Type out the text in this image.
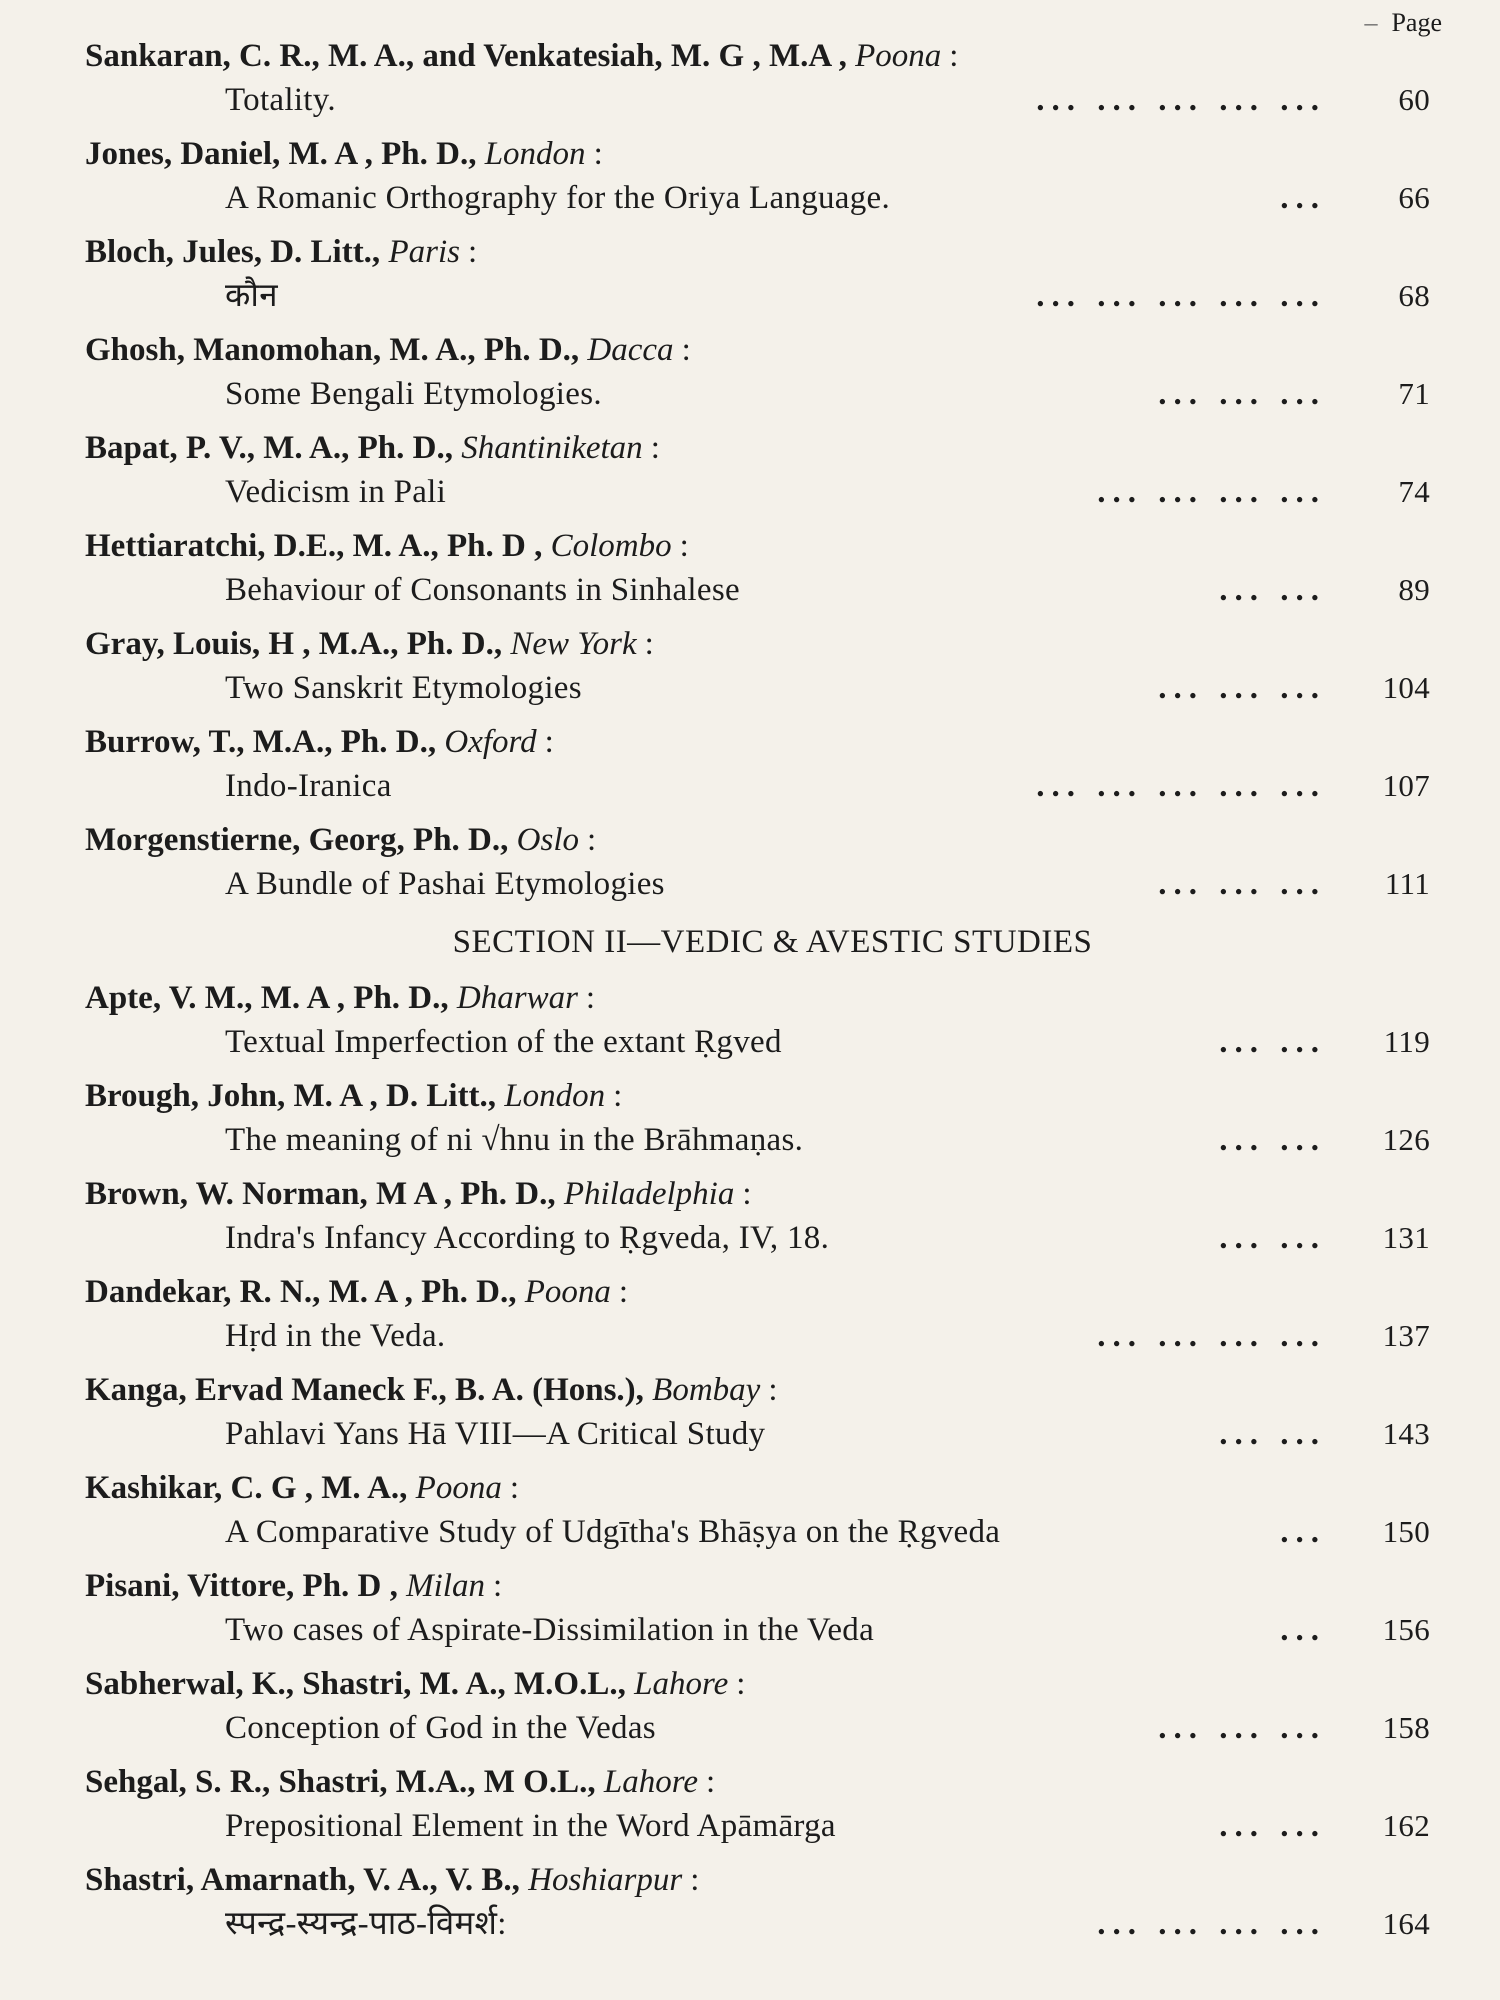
– Page
Sankaran, C. R., M. A., and Venkatesiah, M. G , M.A , Poona :
Totality.	... ... ... ... ...	60
Jones, Daniel, M. A , Ph. D., London :
A Romanic Orthography for the Oriya Language.	...	66
Bloch, Jules, D. Litt., Paris :
कौन	... ... ... ... ...	68
Ghosh, Manomohan, M. A., Ph. D., Dacca :
Some Bengali Etymologies.	... ... ...	71
Bapat, P. V., M. A., Ph. D., Shantiniketan :
Vedicism in Pali	... ... ... ...	74
Hettiaratchi, D.E., M. A., Ph. D , Colombo :
Behaviour of Consonants in Sinhalese	... ...	89
Gray, Louis, H , M.A., Ph. D., New York :
Two Sanskrit Etymologies	... ... ...	104
Burrow, T., M.A., Ph. D., Oxford :
Indo-Iranica	... ... ... ... ...	107
Morgenstierne, Georg, Ph. D., Oslo :
A Bundle of Pashai Etymologies	... ... ...	111
SECTION II—VEDIC & AVESTIC STUDIES
Apte, V. M., M. A , Ph. D., Dharwar :
Textual Imperfection of the extant Ṛgved	... ...	119
Brough, John, M. A , D. Litt., London :
The meaning of ni √hnu in the Brāhmaṇas.	... ...	126
Brown, W. Norman, M A , Ph. D., Philadelphia :
Indra's Infancy According to Ṛgveda, IV, 18.	... ...	131
Dandekar, R. N., M. A , Ph. D., Poona :
Hṛd in the Veda.	... ... ... ...	137
Kanga, Ervad Maneck F., B. A. (Hons.), Bombay :
Pahlavi Yans Hā VIII—A Critical Study	... ...	143
Kashikar, C. G , M. A., Poona :
A Comparative Study of Udgītha's Bhāṣya on the Ṛgveda	...	150
Pisani, Vittore, Ph. D , Milan :
Two cases of Aspirate-Dissimilation in the Veda	...	156
Sabherwal, K., Shastri, M. A., M.O.L., Lahore :
Conception of God in the Vedas	... ... ...	158
Sehgal, S. R., Shastri, M.A., M O.L., Lahore :
Prepositional Element in the Word Apāmārga	... ...	162
Shastri, Amarnath, V. A., V. B., Hoshiarpur :
स्पन्द्र-स्यन्द्र-पाठ-विमर्श:	... ... ... ...	164
